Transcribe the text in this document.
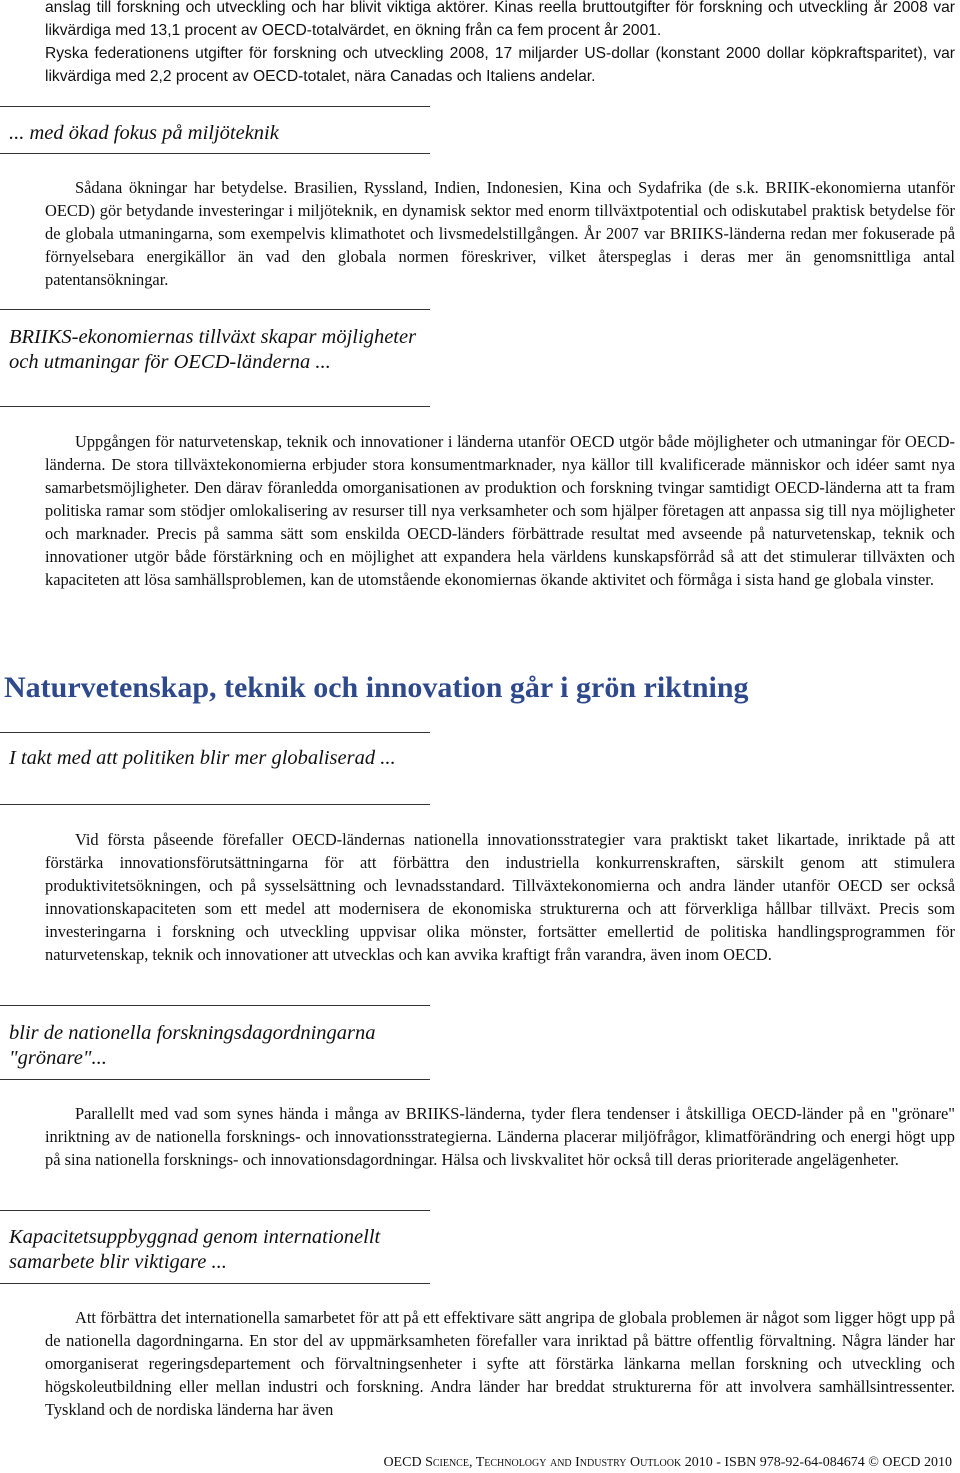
anslag till forskning och utveckling och har blivit viktiga aktörer. Kinas reella bruttoutgifter för forskning och utveckling år 2008 var likvärdiga med 13,1 procent av OECD-totalvärdet, en ökning från ca fem procent år 2001.

Ryska federationens utgifter för forskning och utveckling 2008, 17 miljarder US-dollar (konstant 2000 dollar köpkraftsparitet), var likvärdiga med 2,2 procent av OECD-totalet, nära Canadas och Italiens andelar.

... med ökad fokus på miljöteknik

Sådana ökningar har betydelse. Brasilien, Ryssland, Indien, Indonesien, Kina och Sydafrika (de s.k. BRIIK-ekonomierna utanför OECD) gör betydande investeringar i miljöteknik, en dynamisk sektor med enorm tillväxtpotential och odiskutabel praktisk betydelse för de globala utmaningarna, som exempelvis klimathotet och livsmedelstillgången. År 2007 var BRIIKS-länderna redan mer fokuserade på förnyelsebara energikällor än vad den globala normen föreskriver, vilket återspeglas i deras mer än genomsnittliga antal patentansökningar.

BRIIKS-ekonomiernas tillväxt skapar möjligheter och utmaningar för OECD-länderna ...

Uppgången för naturvetenskap, teknik och innovationer i länderna utanför OECD utgör både möjligheter och utmaningar för OECD-länderna. De stora tillväxtekonomierna erbjuder stora konsumentmarknader, nya källor till kvalificerade människor och idéer samt nya samarbetsmöjligheter. Den därav föranledda omorganisationen av produktion och forskning tvingar samtidigt OECD-länderna att ta fram politiska ramar som stödjer omlokalisering av resurser till nya verksamheter och som hjälper företagen att anpassa sig till nya möjligheter och marknader. Precis på samma sätt som enskilda OECD-länders förbättrade resultat med avseende på naturvetenskap, teknik och innovationer utgör både förstärkning och en möjlighet att expandera hela världens kunskapsförråd så att det stimulerar tillväxten och kapaciteten att lösa samhällsproblemen, kan de utomstående ekonomiernas ökande aktivitet och förmåga i sista hand ge globala vinster.

Naturvetenskap, teknik och innovation går i grön riktning
I takt med att politiken blir mer globaliserad ...

Vid första påseende förefaller OECD-ländernas nationella innovationsstrategier vara praktiskt taket likartade, inriktade på att förstärka innovationsförutsättningarna för att förbättra den industriella konkurrenskraften, särskilt genom att stimulera produktivitetsökningen, och på sysselsättning och levnadsstandard. Tillväxtekonomierna och andra länder utanför OECD ser också innovationskapaciteten som ett medel att modernisera de ekonomiska strukturerna och att förverkliga hållbar tillväxt. Precis som investeringarna i forskning och utveckling uppvisar olika mönster, fortsätter emellertid de politiska handlingsprogrammen för naturvetenskap, teknik och innovationer att utvecklas och kan avvika kraftigt från varandra, även inom OECD.

blir de nationella forskningsdagordningarna "grönare"...

Parallellt med vad som synes hända i många av BRIIKS-länderna, tyder flera tendenser i åtskilliga OECD-länder på en "grönare" inriktning av de nationella forsknings- och innovationsstrategierna. Länderna placerar miljöfrågor, klimatförändring och energi högt upp på sina nationella forsknings- och innovationsdagordningar. Hälsa och livskvalitet hör också till deras prioriterade angelägenheter.

Kapacitetsuppbyggnad genom internationellt samarbete blir viktigare ...

Att förbättra det internationella samarbetet för att på ett effektivare sätt angripa de globala problemen är något som ligger högt upp på de nationella dagordningarna. En stor del av uppmärksamheten förefaller vara inriktad på bättre offentlig förvaltning. Några länder har omorganiserat regeringsdepartement och förvaltningsenheter i syfte att förstärka länkarna mellan forskning och utveckling och högskoleutbildning eller mellan industri och forskning. Andra länder har breddat strukturerna för att involvera samhällsintressenter. Tyskland och de nordiska länderna har även

OECD Science, Technology and Industry Outlook 2010 - ISBN 978-92-64-084674 © OECD 2010
